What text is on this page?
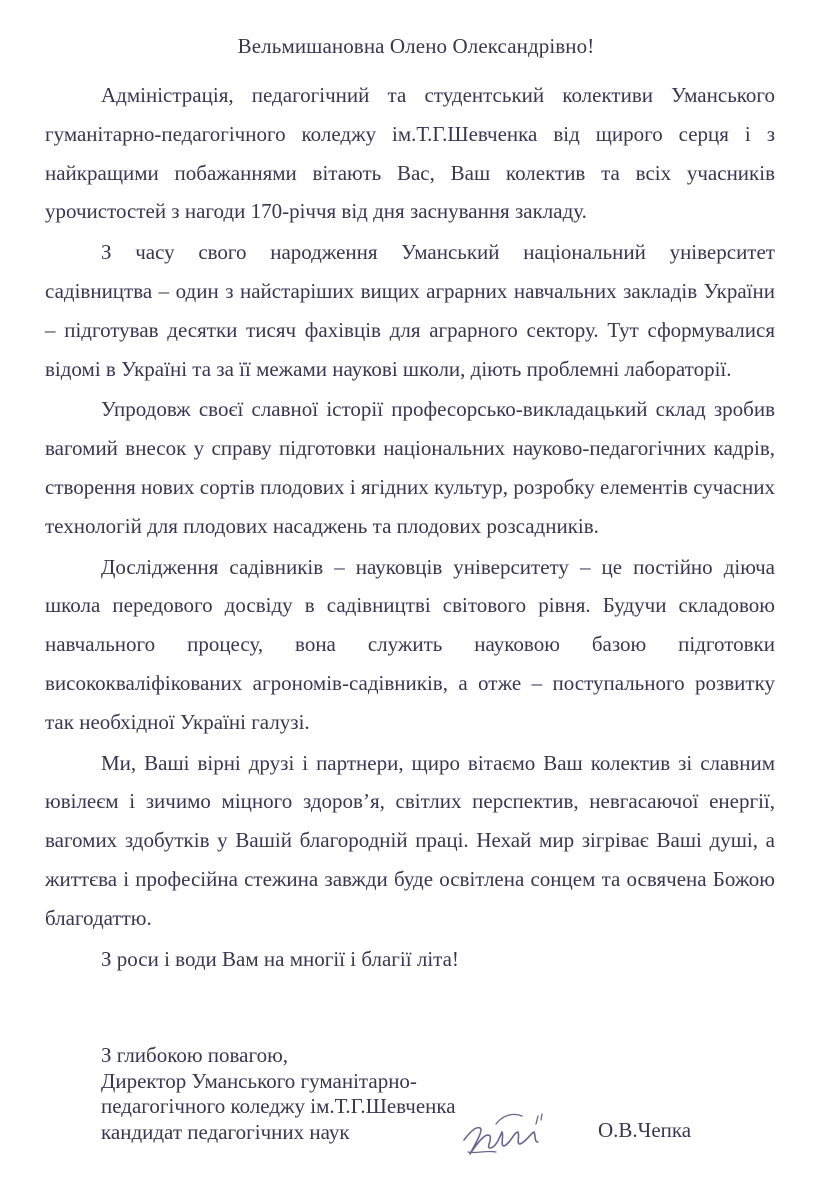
Вельмишановна Олено Олександрівно!

Адміністрація, педагогічний та студентський колективи Уманського гуманітарно-педагогічного коледжу ім.Т.Г.Шевченка від щирого серця і з найкращими побажаннями вітають Вас, Ваш колектив та всіх учасників урочистостей з нагоди 170-річчя від дня заснування закладу.

З часу свого народження Уманський національний університет садівництва – один з найстаріших вищих аграрних навчальних закладів України – підготував десятки тисяч фахівців для аграрного сектору. Тут сформувалися відомі в Україні та за її межами наукові школи, діють проблемні лабораторії.

Упродовж своєї славної історії професорсько-викладацький склад зробив вагомий внесок у справу підготовки національних науково-педагогічних кадрів, створення нових сортів плодових і ягідних культур, розробку елементів сучасних технологій для плодових насаджень та плодових розсадників.

Дослідження садівників – науковців університету – це постійно діюча школа передового досвіду в садівництві світового рівня. Будучи складовою навчального процесу, вона служить науковою базою підготовки висококваліфікованих агрономів-садівників, а отже – поступального розвитку так необхідної Україні галузі.

Ми, Ваші вірні друзі і партнери, щиро вітаємо Ваш колектив зі славним ювілеєм і зичимо міцного здоров’я, світлих перспектив, невгасаючої енергії, вагомих здобутків у Вашій благородній праці. Нехай мир зігріває Ваші душі, а життєва і професійна стежина завжди буде освітлена сонцем та освячена Божою благодаттю.

З роси і води Вам на многії і благії літа!

З глибокою повагою,
Директор Уманського гуманітарно-
педагогічного коледжу ім.Т.Г.Шевченка
кандидат педагогічних наук	О.В.Чепка
